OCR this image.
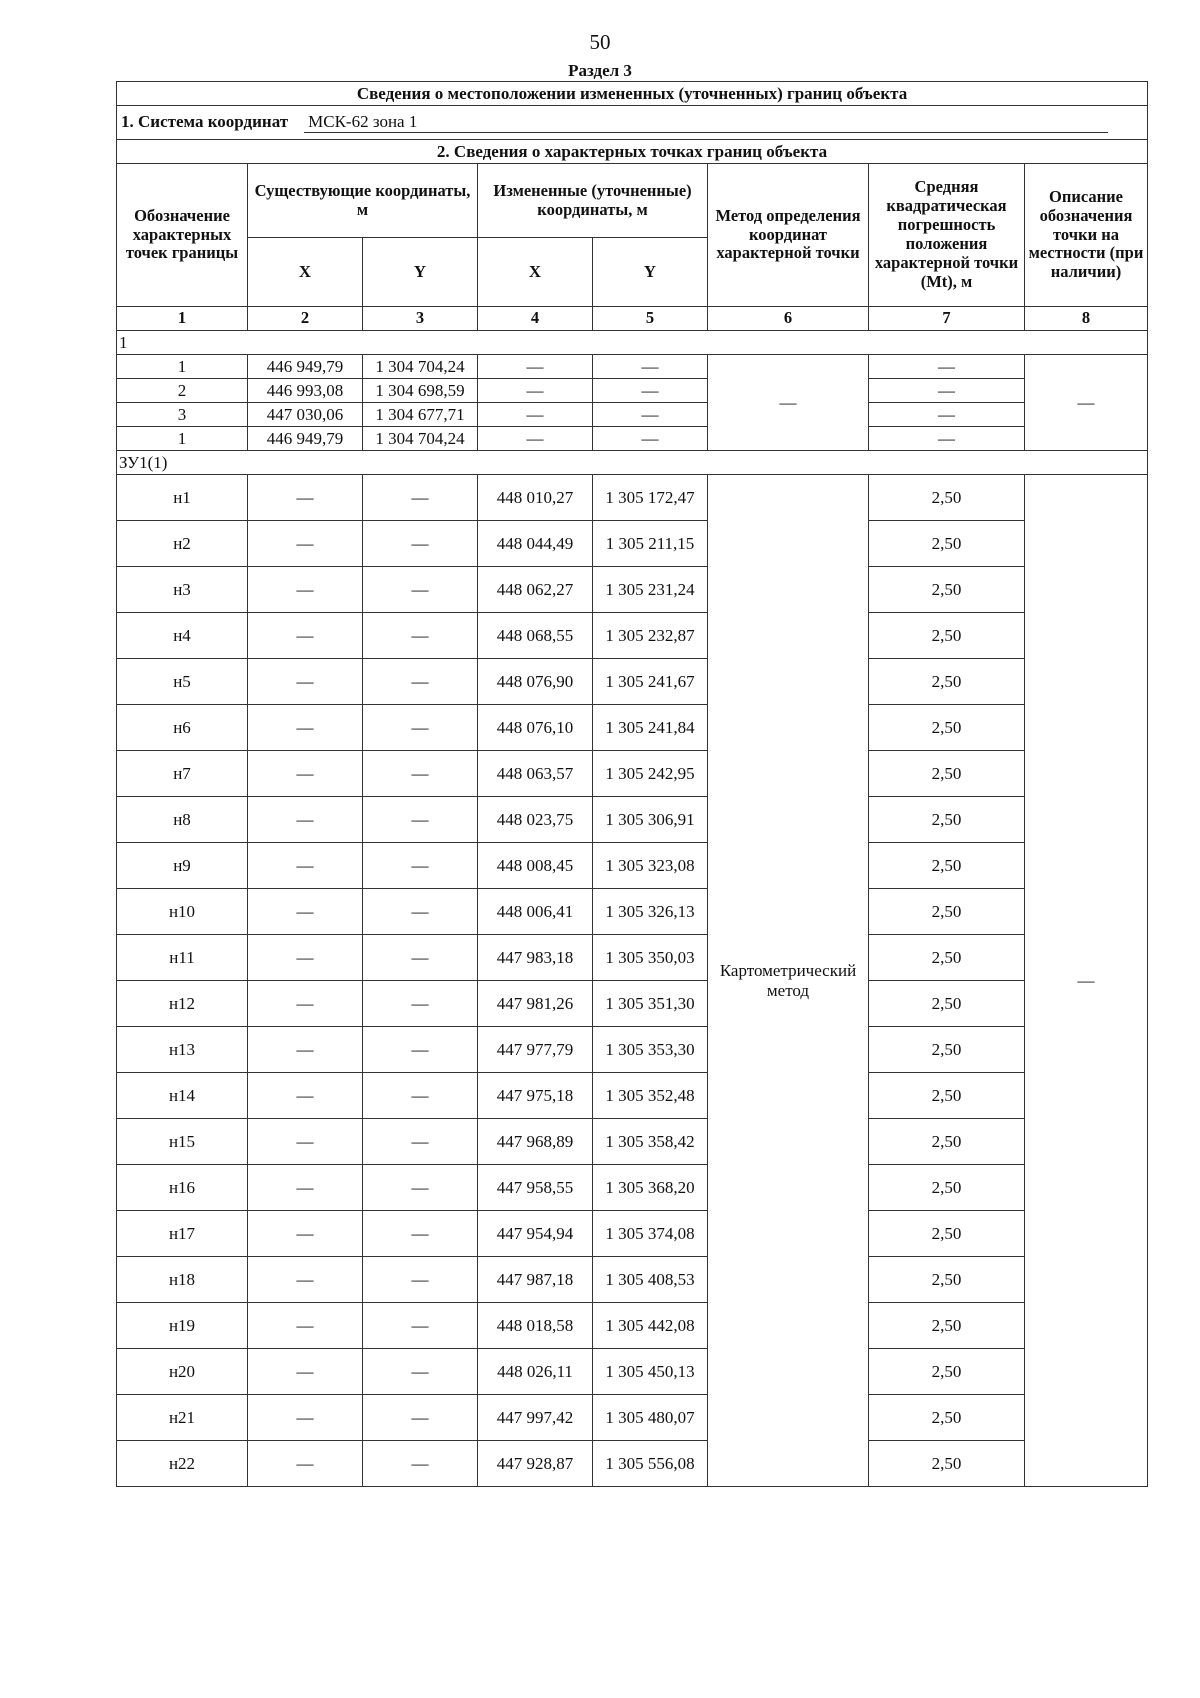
50
Раздел 3
Сведения о местоположении измененных (уточненных) границ объекта							
1. Система координат МСК-62 зона 1							
2. Сведения о характерных точках границ объекта							
Обозначение характерных точек границы	Существующие координаты, м		Измененные (уточненные) координаты, м		Метод определения координат характерной точки	Средняя квадратическая погрешность положения характерной точки (Mt), м	Описание обозначения точки на местности (при наличии)
	X	Y	X	Y			
1	2	3	4	5	6	7	8
1							
1	446 949,79	1 304 704,24	—	—	—	—	—
2	446 993,08	1 304 698,59	—	—		—	
3	447 030,06	1 304 677,71	—	—		—	
1	446 949,79	1 304 704,24	—	—		—	
ЗУ1(1)							
н1	—	—	448 010,27	1 305 172,47	Картометрический метод	2,50	—
н2	—	—	448 044,49	1 305 211,15		2,50	
н3	—	—	448 062,27	1 305 231,24		2,50	
н4	—	—	448 068,55	1 305 232,87		2,50	
н5	—	—	448 076,90	1 305 241,67		2,50	
н6	—	—	448 076,10	1 305 241,84		2,50	
н7	—	—	448 063,57	1 305 242,95		2,50	
н8	—	—	448 023,75	1 305 306,91		2,50	
н9	—	—	448 008,45	1 305 323,08		2,50	
н10	—	—	448 006,41	1 305 326,13		2,50	
н11	—	—	447 983,18	1 305 350,03		2,50	
н12	—	—	447 981,26	1 305 351,30		2,50	
н13	—	—	447 977,79	1 305 353,30		2,50	
н14	—	—	447 975,18	1 305 352,48		2,50	
н15	—	—	447 968,89	1 305 358,42		2,50	
н16	—	—	447 958,55	1 305 368,20		2,50	
н17	—	—	447 954,94	1 305 374,08		2,50	
н18	—	—	447 987,18	1 305 408,53		2,50	
н19	—	—	448 018,58	1 305 442,08		2,50	
н20	—	—	448 026,11	1 305 450,13		2,50	
н21	—	—	447 997,42	1 305 480,07		2,50	
н22	—	—	447 928,87	1 305 556,08		2,50	
